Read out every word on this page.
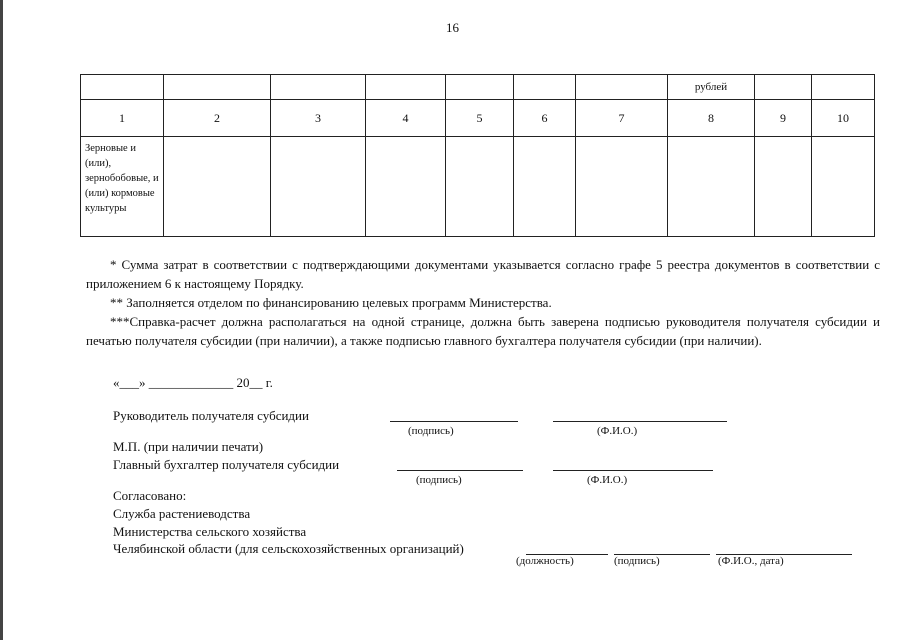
16
							рублей		
1	2	3	4	5	6	7	8	9	10
Зерновые и (или), зернобобовые, и (или) кормовые культуры									

* Сумма затрат в соответствии с подтверждающими документами указывается согласно графе 5 реестра документов в соответствии с приложением 6 к настоящему Порядку.

** Заполняется отделом по финансированию целевых программ Министерства.

***Справка-расчет должна располагаться на одной странице, должна быть заверена подписью руководителя получателя субсидии и печатью получателя субсидии (при наличии), а также подписью главного бухгалтера получателя субсидии (при наличии).

«___» _____________ 20__ г.
Руководитель получателя субсидии
(подпись)	(Ф.И.О.)
М.П. (при наличии печати)
Главный бухгалтер получателя субсидии
(подпись)	(Ф.И.О.)
Согласовано:
Служба растениеводства
Министерства сельского хозяйства
Челябинской области (для сельскохозяйственных организаций)
(должность)	(подпись)	(Ф.И.О., дата)
